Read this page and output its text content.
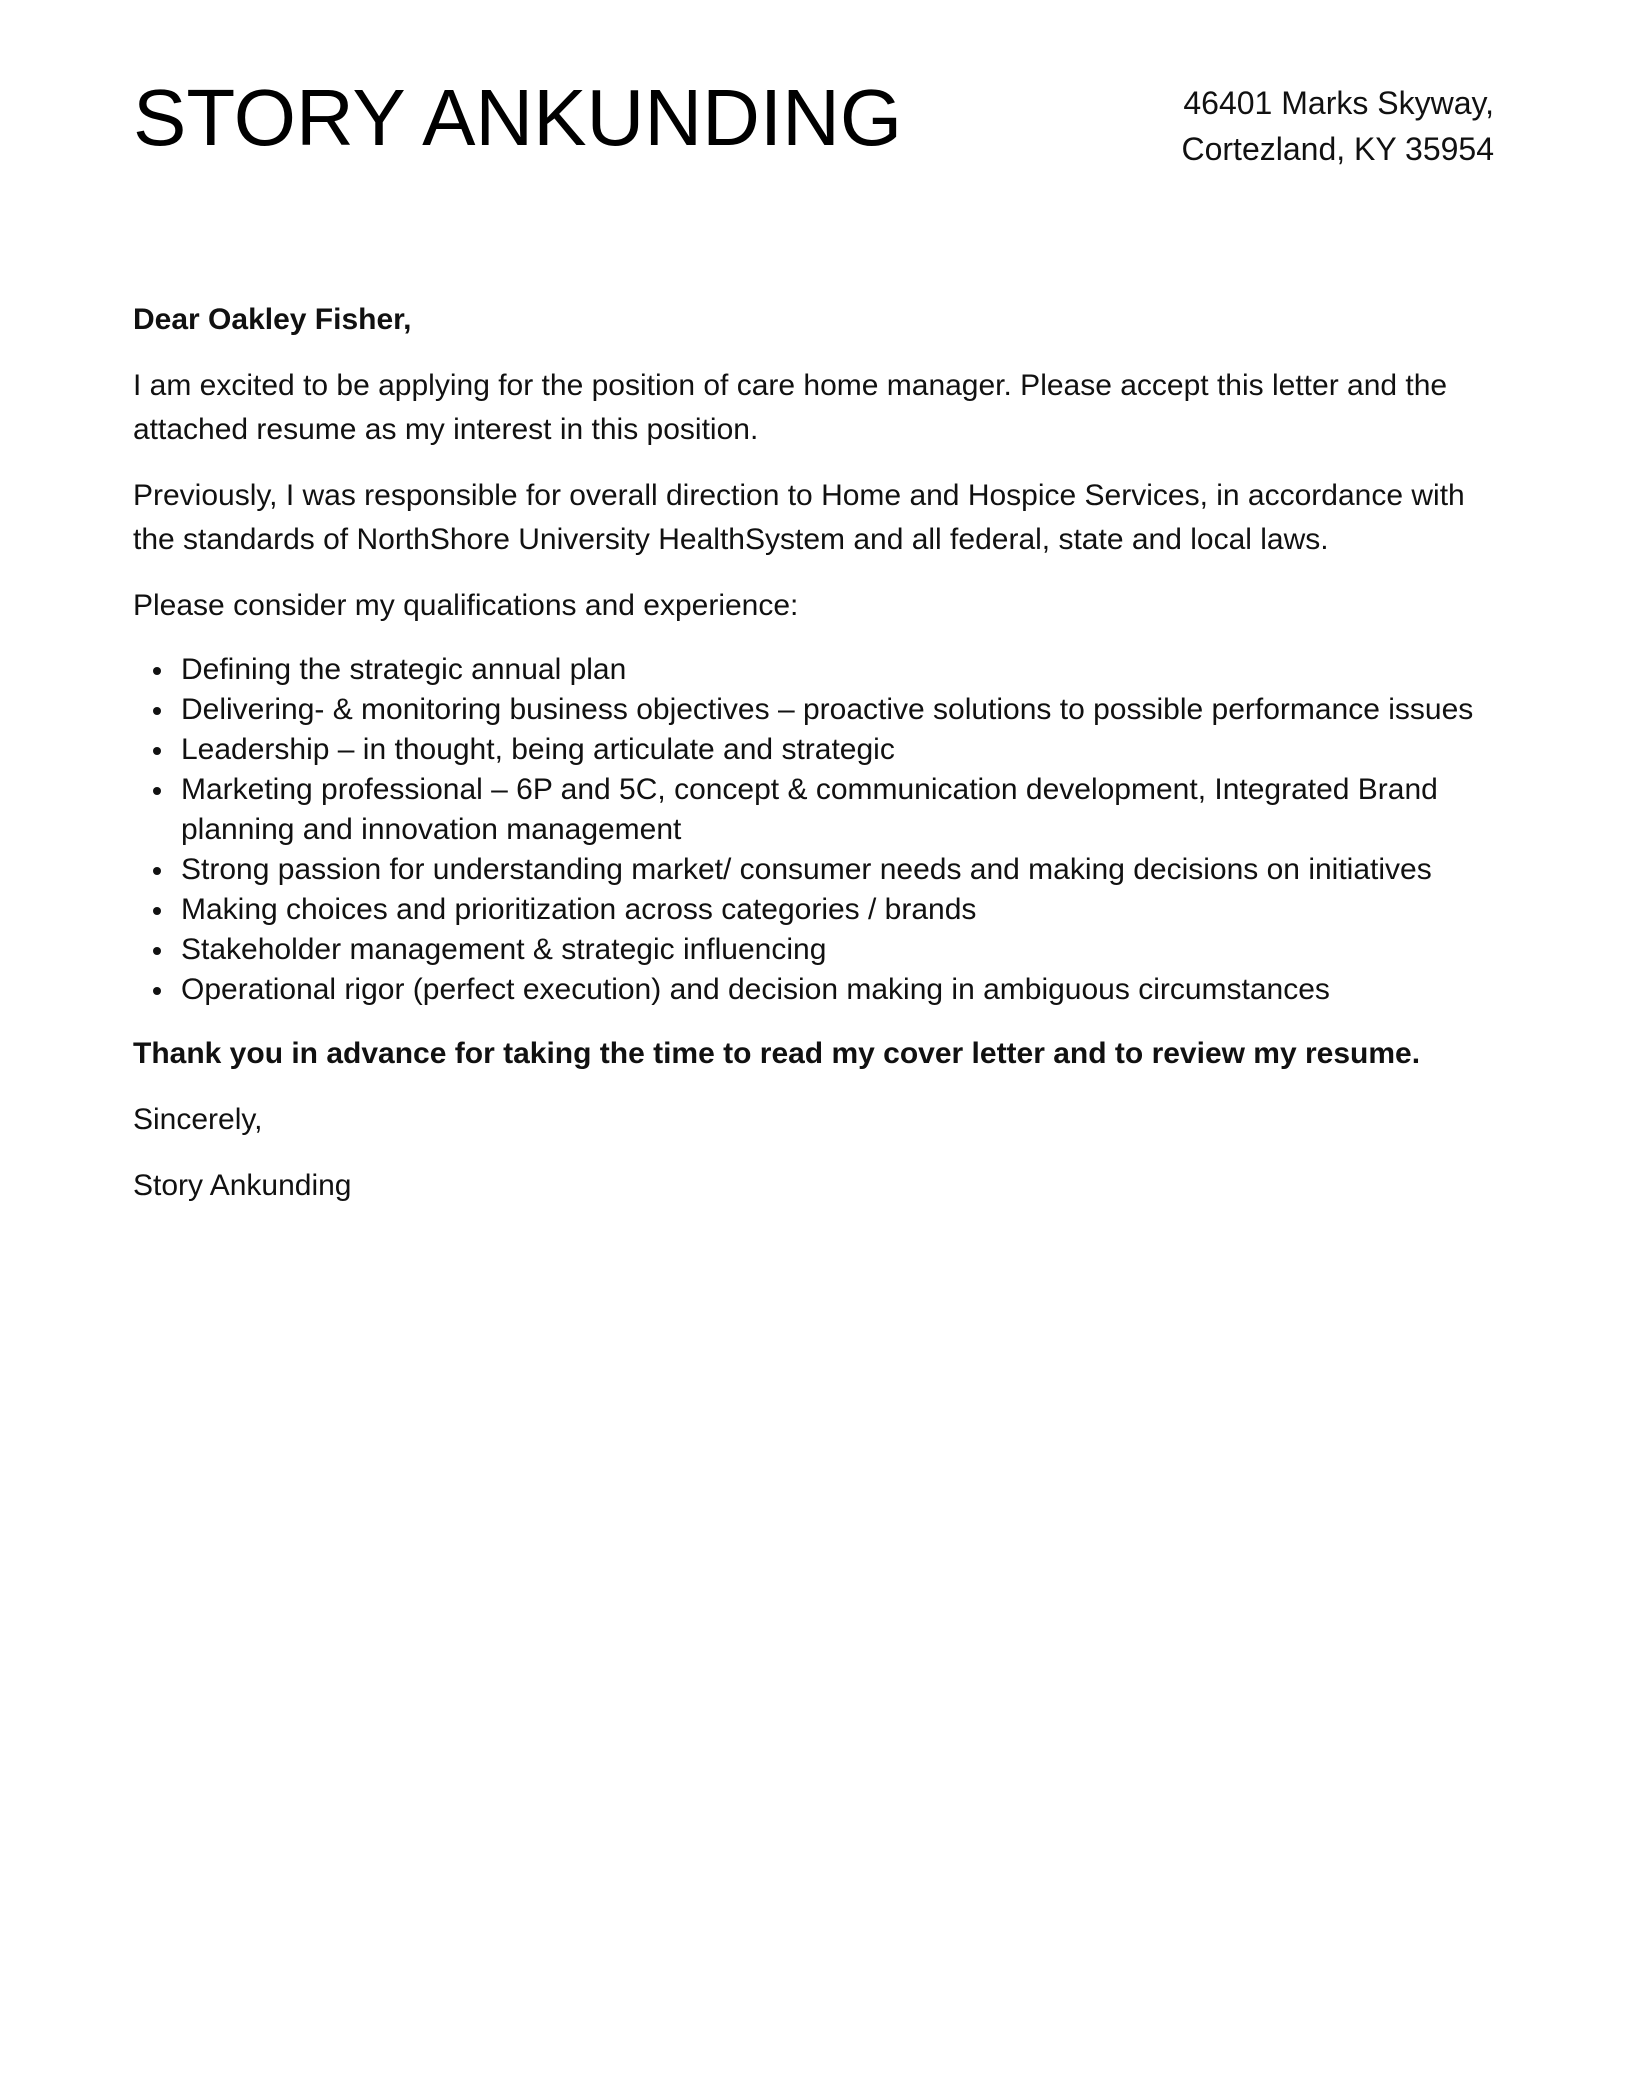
STORY ANKUNDING	46401 Marks Skyway,
Cortezland, KY 35954

Dear Oakley Fisher,

I am excited to be applying for the position of care home manager. Please accept this letter and the attached resume as my interest in this position.

Previously, I was responsible for overall direction to Home and Hospice Services, in accordance with the standards of NorthShore University HealthSystem and all federal, state and local laws.

Please consider my qualifications and experience:

Defining the strategic annual plan
Delivering- & monitoring business objectives – proactive solutions to possible performance issues
Leadership – in thought, being articulate and strategic
Marketing professional – 6P and 5C, concept & communication development, Integrated Brand planning and innovation management
Strong passion for understanding market/ consumer needs and making decisions on initiatives
Making choices and prioritization across categories / brands
Stakeholder management & strategic influencing
Operational rigor (perfect execution) and decision making in ambiguous circumstances

Thank you in advance for taking the time to read my cover letter and to review my resume.

Sincerely,

Story Ankunding
